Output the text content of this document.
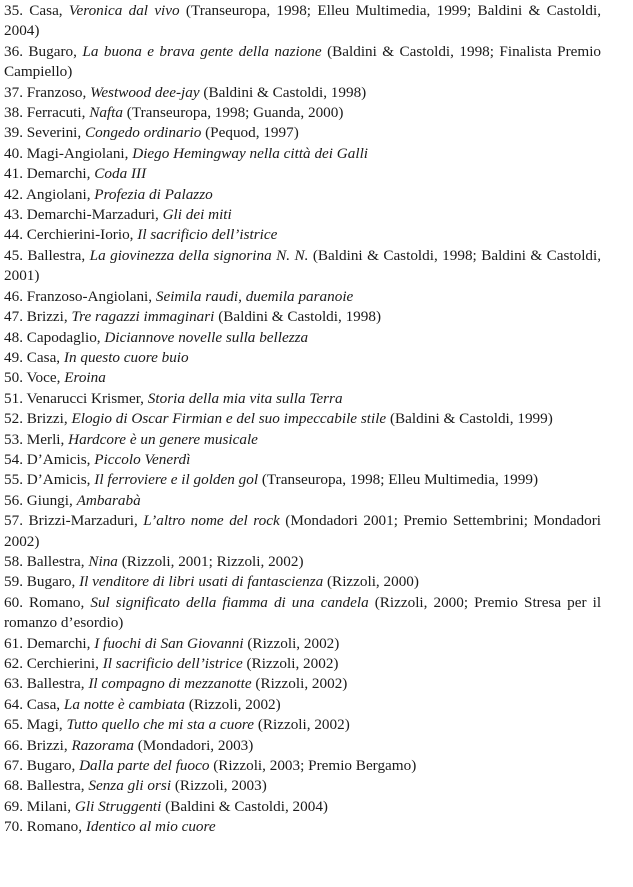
35. Casa, Veronica dal vivo (Transeuropa, 1998; Elleu Multimedia, 1999; Baldini & Castoldi, 2004)

36. Bugaro, La buona e brava gente della nazione (Baldini & Castoldi, 1998; Finalista Premio Campiello)

37. Franzoso, Westwood dee-jay (Baldini & Castoldi, 1998)

38. Ferracuti, Nafta (Transeuropa, 1998; Guanda, 2000)

39. Severini, Congedo ordinario (Pequod, 1997)

40. Magi-Angiolani, Diego Hemingway nella città dei Galli

41. Demarchi, Coda III

42. Angiolani, Profezia di Palazzo

43. Demarchi-Marzaduri, Gli dei miti

44. Cerchierini-Iorio, Il sacrificio dell’istrice

45. Ballestra, La giovinezza della signorina N. N. (Baldini & Castoldi, 1998; Baldini & Castoldi, 2001)

46. Franzoso-Angiolani, Seimila raudi, duemila paranoie

47. Brizzi, Tre ragazzi immaginari (Baldini & Castoldi, 1998)

48. Capodaglio, Diciannove novelle sulla bellezza

49. Casa, In questo cuore buio

50. Voce, Eroina

51. Venarucci Krismer, Storia della mia vita sulla Terra

52. Brizzi, Elogio di Oscar Firmian e del suo impeccabile stile (Baldini & Castoldi, 1999)

53. Merli, Hardcore è un genere musicale

54. D’Amicis, Piccolo Venerdì

55. D’Amicis, Il ferroviere e il golden gol (Transeuropa, 1998; Elleu Multimedia, 1999)

56. Giungi, Ambarabà

57. Brizzi-Marzaduri, L’altro nome del rock (Mondadori 2001; Premio Settembrini; Mondadori 2002)

58. Ballestra, Nina (Rizzoli, 2001; Rizzoli, 2002)

59. Bugaro, Il venditore di libri usati di fantascienza (Rizzoli, 2000)

60. Romano, Sul significato della fiamma di una candela (Rizzoli, 2000; Premio Stresa per il romanzo d’esordio)

61. Demarchi, I fuochi di San Giovanni (Rizzoli, 2002)

62. Cerchierini, Il sacrificio dell’istrice (Rizzoli, 2002)

63. Ballestra, Il compagno di mezzanotte (Rizzoli, 2002)

64. Casa, La notte è cambiata (Rizzoli, 2002)

65. Magi, Tutto quello che mi sta a cuore (Rizzoli, 2002)

66. Brizzi, Razorama (Mondadori, 2003)

67. Bugaro, Dalla parte del fuoco (Rizzoli, 2003; Premio Bergamo)

68. Ballestra, Senza gli orsi (Rizzoli, 2003)

69. Milani, Gli Struggenti (Baldini & Castoldi, 2004)

70. Romano, Identico al mio cuore
